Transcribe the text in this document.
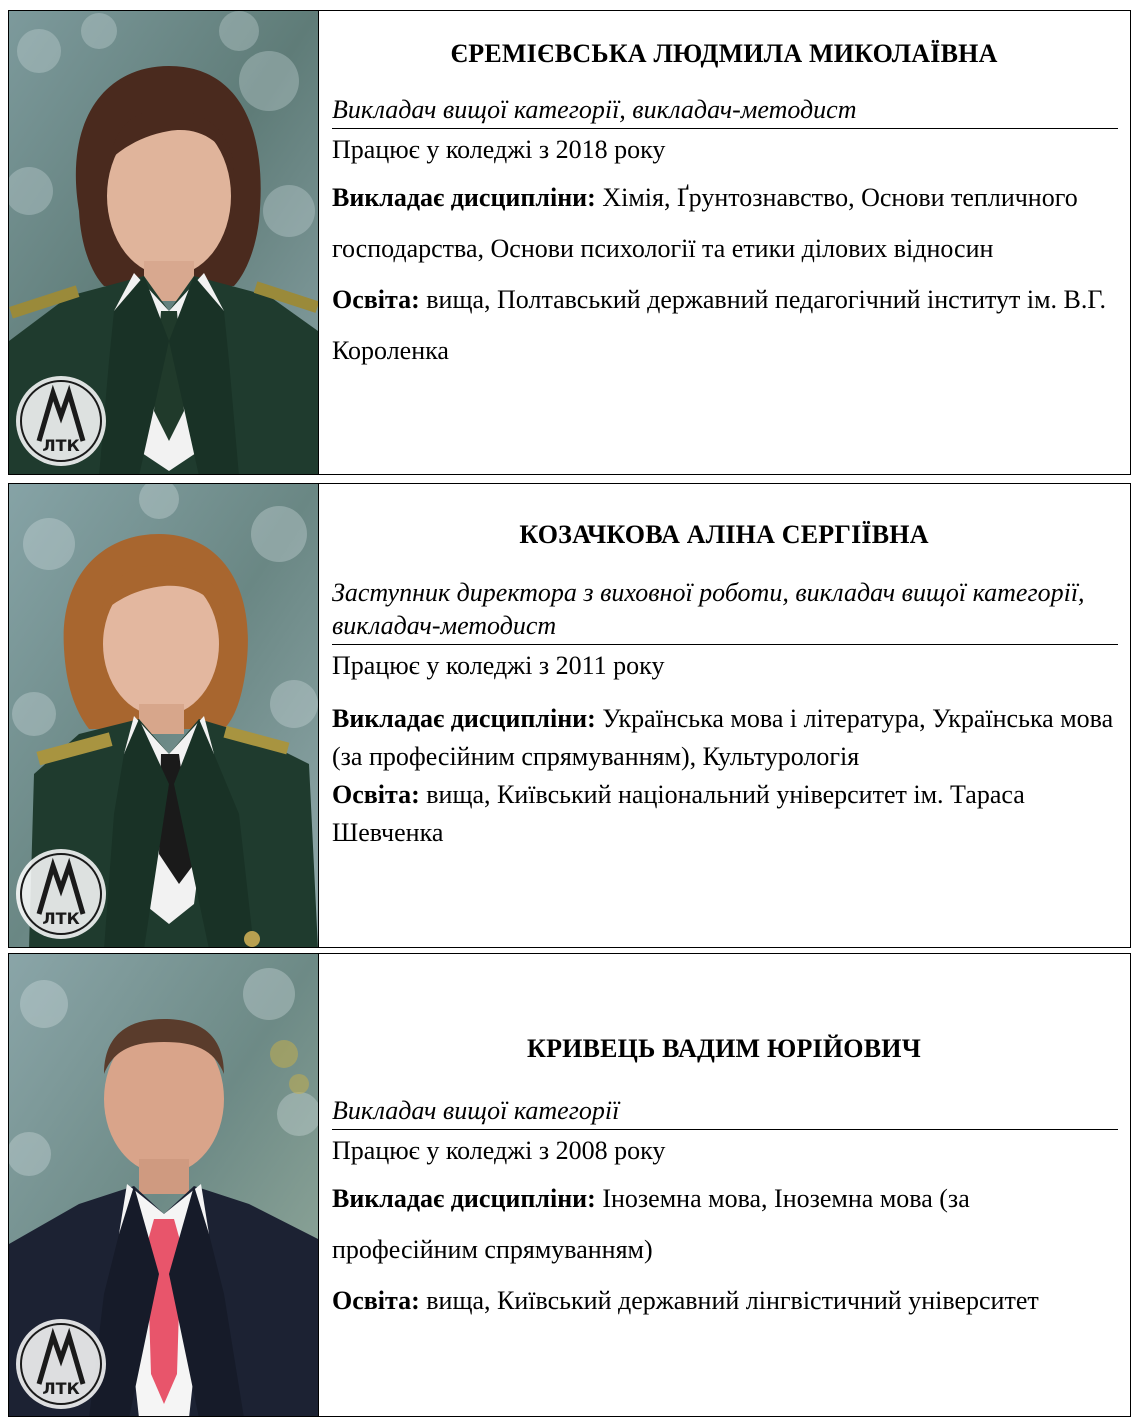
ЛТК
ЄРЕМІЄВСЬКА ЛЮДМИЛА МИКОЛАЇВНА
Викладач вищої категорії, викладач-методист
Працює у коледжі з 2018 року
Викладає дисципліни: Хімія, Ґрунтознавство, Основи тепличного господарства, Основи психології та етики ділових відносин
Освіта: вища, Полтавський державний педагогічний інститут ім. В.Г. Короленка
ЛТК
КОЗАЧКОВА АЛІНА СЕРГІЇВНА
Заступник директора з виховної роботи, викладач вищої категорії, викладач-методист
Працює у коледжі з 2011 року
Викладає дисципліни: Українська мова і література, Українська мова (за професійним спрямуванням), Культурологія
Освіта: вища, Київський національний університет ім. Тараса Шевченка
ЛТК
КРИВЕЦЬ ВАДИМ ЮРІЙОВИЧ
Викладач вищої категорії
Працює у коледжі з 2008 року
Викладає дисципліни: Іноземна мова, Іноземна мова (за професійним спрямуванням)
Освіта: вища, Київський державний лінгвістичний університет
